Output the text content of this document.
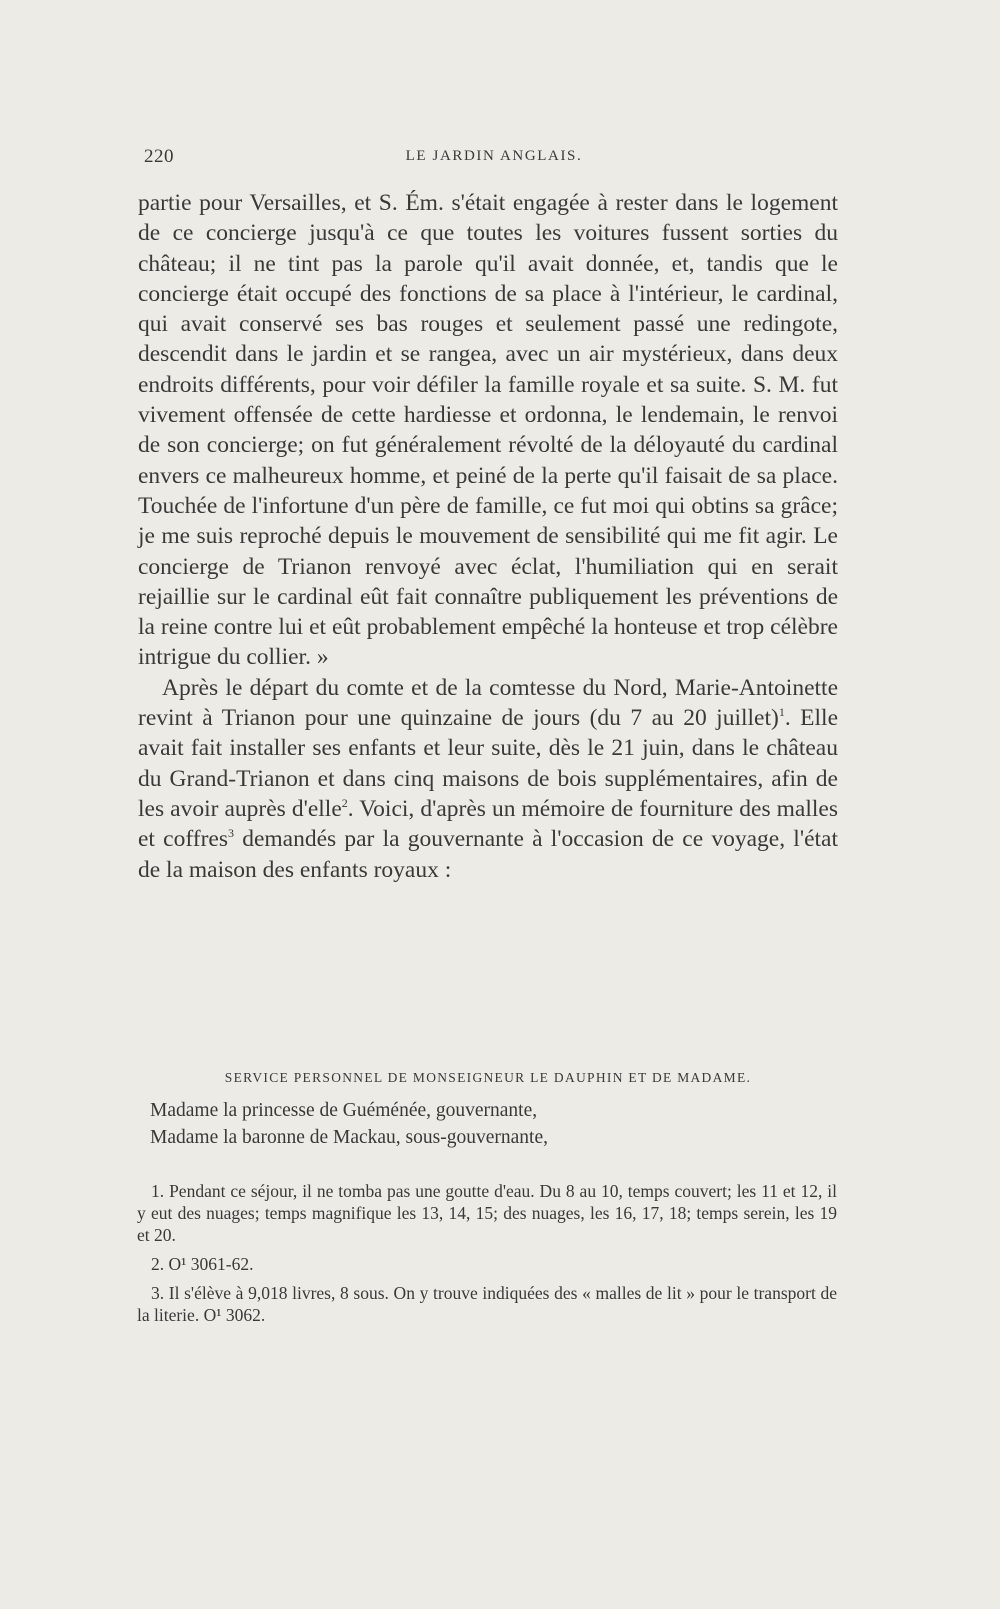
220	LE JARDIN ANGLAIS.

partie pour Versailles, et S. Ém. s'était engagée à rester dans le logement de ce concierge jusqu'à ce que toutes les voitures fussent sorties du château; il ne tint pas la parole qu'il avait donnée, et, tandis que le concierge était occupé des fonctions de sa place à l'intérieur, le cardinal, qui avait conservé ses bas rouges et seulement passé une redingote, descendit dans le jardin et se rangea, avec un air mystérieux, dans deux endroits différents, pour voir défiler la famille royale et sa suite. S. M. fut vivement offensée de cette hardiesse et ordonna, le lendemain, le renvoi de son concierge; on fut généralement révolté de la déloyauté du cardinal envers ce malheureux homme, et peiné de la perte qu'il faisait de sa place. Touchée de l'infortune d'un père de famille, ce fut moi qui obtins sa grâce; je me suis reproché depuis le mouvement de sensibilité qui me fit agir. Le concierge de Trianon renvoyé avec éclat, l'humiliation qui en serait rejaillie sur le cardinal eût fait connaître publiquement les préventions de la reine contre lui et eût probablement empêché la honteuse et trop célèbre intrigue du collier. »

Après le départ du comte et de la comtesse du Nord, Marie-Antoinette revint à Trianon pour une quinzaine de jours (du 7 au 20 juillet)$^1$. Elle avait fait installer ses enfants et leur suite, dès le 21 juin, dans le château du Grand-Trianon et dans cinq maisons de bois supplémentaires, afin de les avoir auprès d'elle$^2$. Voici, d'après un mémoire de fourniture des malles et coffres$^3$ demandés par la gouvernante à l'occasion de ce voyage, l'état de la maison des enfants royaux :

SERVICE PERSONNEL DE MONSEIGNEUR LE DAUPHIN ET DE MADAME.
Madame la princesse de Guéménée, gouvernante,
Madame la baronne de Mackau, sous-gouvernante,

1. Pendant ce séjour, il ne tomba pas une goutte d'eau. Du 8 au 10, temps couvert; les 11 et 12, il y eut des nuages; temps magnifique les 13, 14, 15; des nuages, les 16, 17, 18; temps serein, les 19 et 20.

2. O¹ 3061-62.

3. Il s'élève à 9,018 livres, 8 sous. On y trouve indiquées des « malles de lit » pour le transport de la literie. O¹ 3062.
